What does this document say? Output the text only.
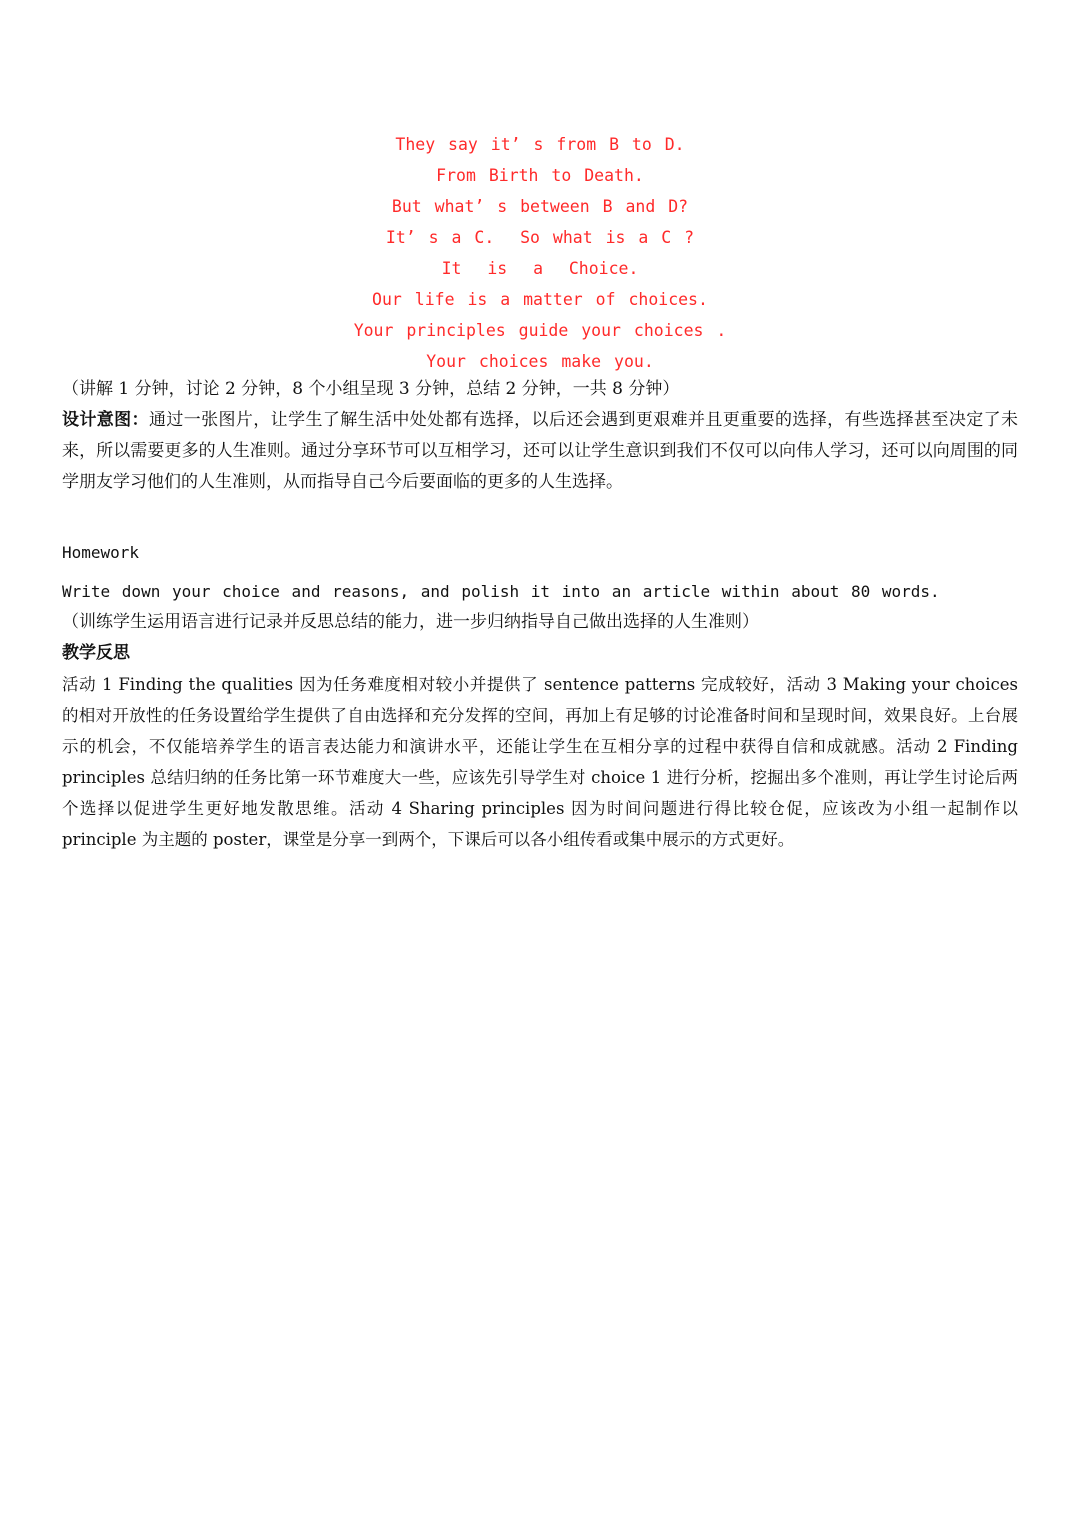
They say it’ s from B to D.
From Birth to Death.
But what’ s between B and D?
It’ s a C.  So what is a C ?
It  is  a  Choice.
Our life is a matter of choices.
Your principles guide your choices .
Your choices make you.
（讲解 1 分钟，讨论 2 分钟，8 个小组呈现 3 分钟，总结 2 分钟，一共 8 分钟）
设计意图：通过一张图片，让学生了解生活中处处都有选择，以后还会遇到更艰难并且更重要的选择，有些选择甚至决定了未来，所以需要更多的人生准则。通过分享环节可以互相学习，还可以让学生意识到我们不仅可以向伟人学习，还可以向周围的同学朋友学习他们的人生准则，从而指导自己今后要面临的更多的人生选择。
Homework
Write down your choice and reasons, and polish it into an article within about 80 words.
（训练学生运用语言进行记录并反思总结的能力，进一步归纳指导自己做出选择的人生准则）
教学反思
活动 1 Finding the qualities 因为任务难度相对较小并提供了 sentence patterns 完成较好，活动 3 Making your choices 的相对开放性的任务设置给学生提供了自由选择和充分发挥的空间，再加上有足够的讨论准备时间和呈现时间，效果良好。上台展示的机会，不仅能培养学生的语言表达能力和演讲水平，还能让学生在互相分享的过程中获得自信和成就感。活动 2 Finding principles 总结归纳的任务比第一环节难度大一些，应该先引导学生对 choice 1 进行分析，挖掘出多个准则，再让学生讨论后两个选择以促进学生更好地发散思维。活动 4 Sharing principles 因为时间问题进行得比较仓促，应该改为小组一起制作以 principle 为主题的 poster，课堂是分享一到两个，下课后可以各小组传看或集中展示的方式更好。
